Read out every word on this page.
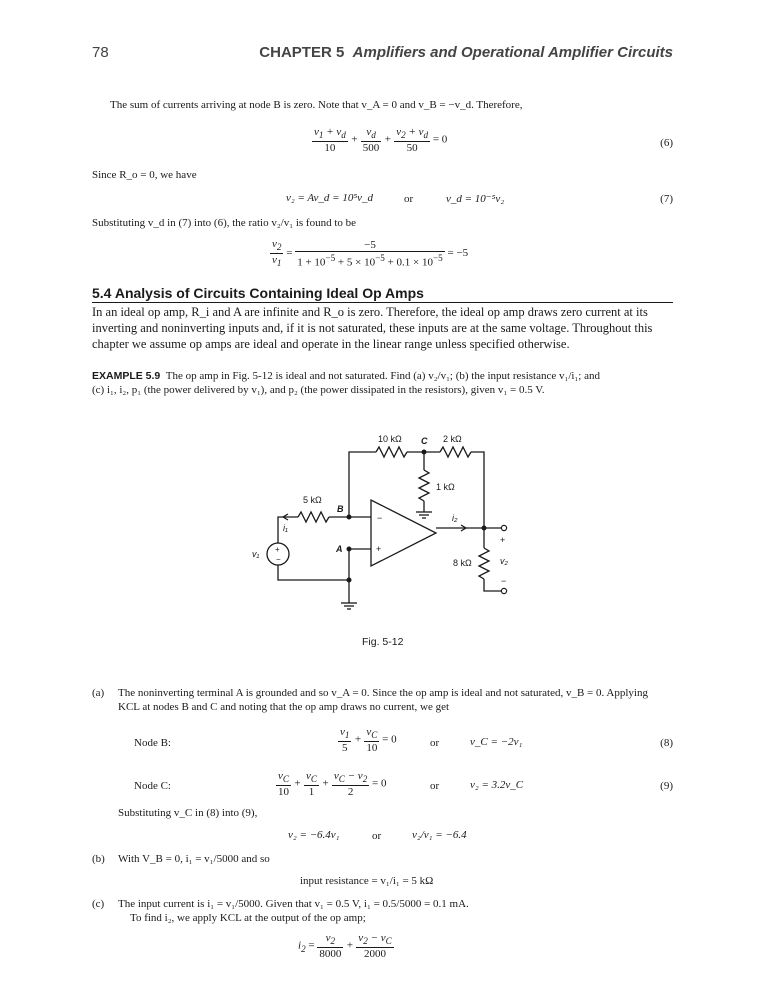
78	CHAPTER 5 Amplifiers and Operational Amplifier Circuits
The sum of currents arriving at node B is zero. Note that v_A = 0 and v_B = −v_d. Therefore,
$\frac{v_1 + v_d}{10} + \frac{v_d}{500} + \frac{v_2 + v_d}{50} = 0$	(6)
Since R_o = 0, we have
v₂ = Av_d = 10⁵v_d	or	v_d = 10⁻⁵v₂	(7)
Substituting v_d in (7) into (6), the ratio v₂/v₁ is found to be
$\frac{v_2}{v_1} = \frac{-5}{1 + 10^{-5} + 5 \times 10^{-5} + 0.1 \times 10^{-5}} = -5$
5.4 Analysis of Circuits Containing Ideal Op Amps
In an ideal op amp, R_i and A are infinite and R_o is zero. Therefore, the ideal op amp draws zero current at its inverting and noninverting inputs and, if it is not saturated, these inputs are at the same voltage. Throughout this chapter we assume op amps are ideal and operate in the linear range unless specified otherwise.
EXAMPLE 5.9 The op amp in Fig. 5-12 is ideal and not saturated. Find (a) v₂/v₁; (b) the input resistance v₁/i₁; and
(c) i₁, i₂, p₁ (the power delivered by v₁), and p₂ (the power dissipated in the resistors), given v₁ = 0.5 V.
10 kΩ C 2 kΩ
1 kΩ
5 kΩ
B
A
i₁
i₂
v₁ +
−
−
+
8 kΩ	v₂
+
−
Fig. 5-12
(a) The noninverting terminal A is grounded and so v_A = 0. Since the op amp is ideal and not saturated, v_B = 0. Applying
KCL at nodes B and C and noting that the op amp draws no current, we get
Node B:	$\frac{v_1}{5} + \frac{v_C}{10} = 0$	or	v_C = −2v₁	(8)
Node C:	$\frac{v_C}{10} + \frac{v_C}{1} + \frac{v_C - v_2}{2} = 0$	or	v₂ = 3.2v_C	(9)
Substituting v_C in (8) into (9),
v₂ = −6.4v₁	or	v₂/v₁ = −6.4
(b) With V_B = 0, i₁ = v₁/5000 and so
input resistance = v₁/i₁ = 5 kΩ
(c) The input current is i₁ = v₁/5000. Given that v₁ = 0.5 V, i₁ = 0.5/5000 = 0.1 mA.
To find i₂, we apply KCL at the output of the op amp;
$i_2 = \frac{v_2}{8000} + \frac{v_2 - v_C}{2000}$
